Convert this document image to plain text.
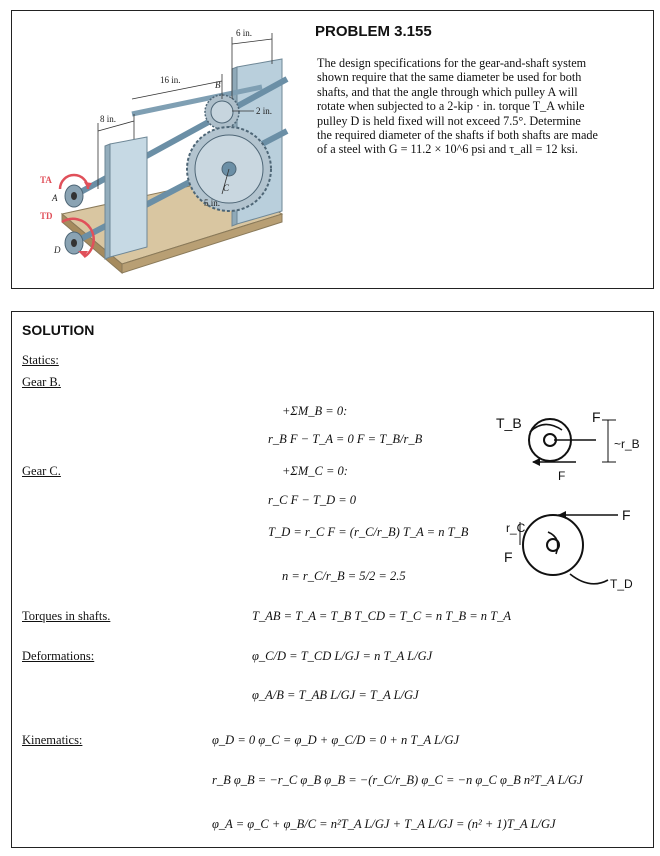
6 in.
16 in.
8 in.
2 in.
5 in.
B
C
A
D
TA
TD
PROBLEM 3.155
The design specifications for the gear-and-shaft system
shown require that the same diameter be used for both
shafts, and that the angle through which pulley A will
rotate when subjected to a 2-kip · in. torque T_A while
pulley D is held fixed will not exceed 7.5°. Determine
the required diameter of the shafts if both shafts are made
of a steel with G = 11.2 × 10^6 psi and τ_all = 12 ksi.
SOLUTION
Statics:
Gear B.
Gear C.
Torques in shafts.
Deformations:
Kinematics:
+ΣM_B = 0:
r_B F − T_A = 0 F = T_B/r_B
+ΣM_C = 0:
r_C F − T_D = 0
T_D = r_C F = (r_C/r_B) T_A = n T_B
n = r_C/r_B = 5/2 = 2.5
T_AB = T_A = T_B T_CD = T_C = n T_B = n T_A
φ_C/D = T_CD L/GJ = n T_A L/GJ
φ_A/B = T_AB L/GJ = T_A L/GJ
φ_D = 0 φ_C = φ_D + φ_C/D = 0 + n T_A L/GJ
r_B φ_B = −r_C φ_B φ_B = −(r_C/r_B) φ_C = −n φ_C φ_B n²T_A L/GJ
φ_A = φ_C + φ_B/C = n²T_A L/GJ + T_A L/GJ = (n² + 1)T_A L/GJ
T_B	F
F
~r_B
r_C
F
F
T_D
